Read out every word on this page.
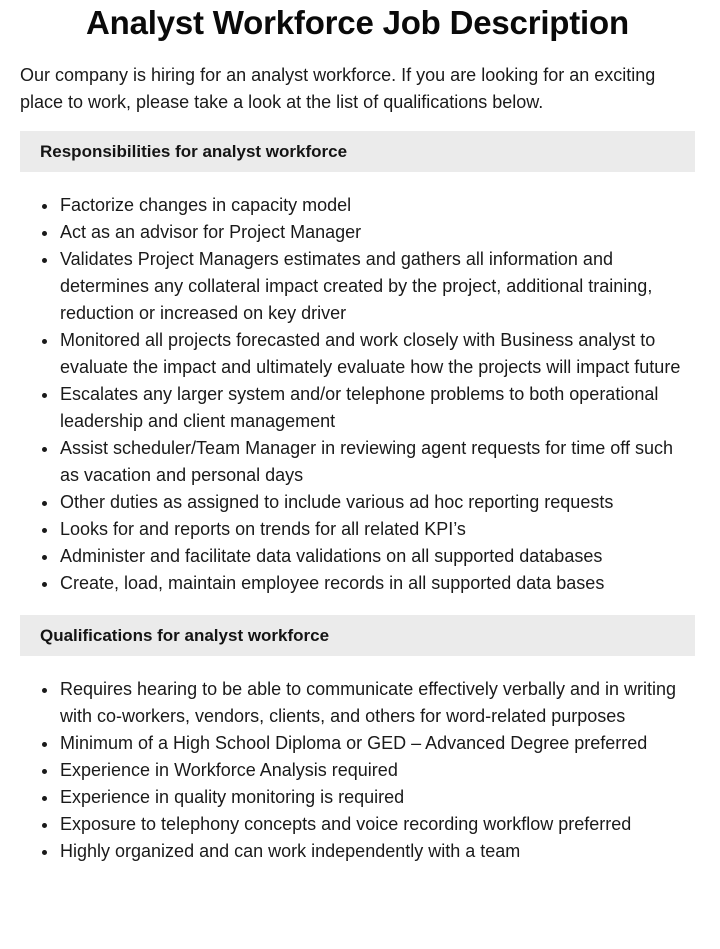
Analyst Workforce Job Description

Our company is hiring for an analyst workforce. If you are looking for an exciting place to work, please take a look at the list of qualifications below.

Responsibilities for analyst workforce
Factorize changes in capacity model
Act as an advisor for Project Manager
Validates Project Managers estimates and gathers all information and determines any collateral impact created by the project, additional training, reduction or increased on key driver
Monitored all projects forecasted and work closely with Business analyst to evaluate the impact and ultimately evaluate how the projects will impact future
Escalates any larger system and/or telephone problems to both operational leadership and client management
Assist scheduler/Team Manager in reviewing agent requests for time off such as vacation and personal days
Other duties as assigned to include various ad hoc reporting requests
Looks for and reports on trends for all related KPI’s
Administer and facilitate data validations on all supported databases
Create, load, maintain employee records in all supported data bases
Qualifications for analyst workforce
Requires hearing to be able to communicate effectively verbally and in writing with co-workers, vendors, clients, and others for word-related purposes
Minimum of a High School Diploma or GED – Advanced Degree preferred
Experience in Workforce Analysis required
Experience in quality monitoring is required
Exposure to telephony concepts and voice recording workflow preferred
Highly organized and can work independently with a team
